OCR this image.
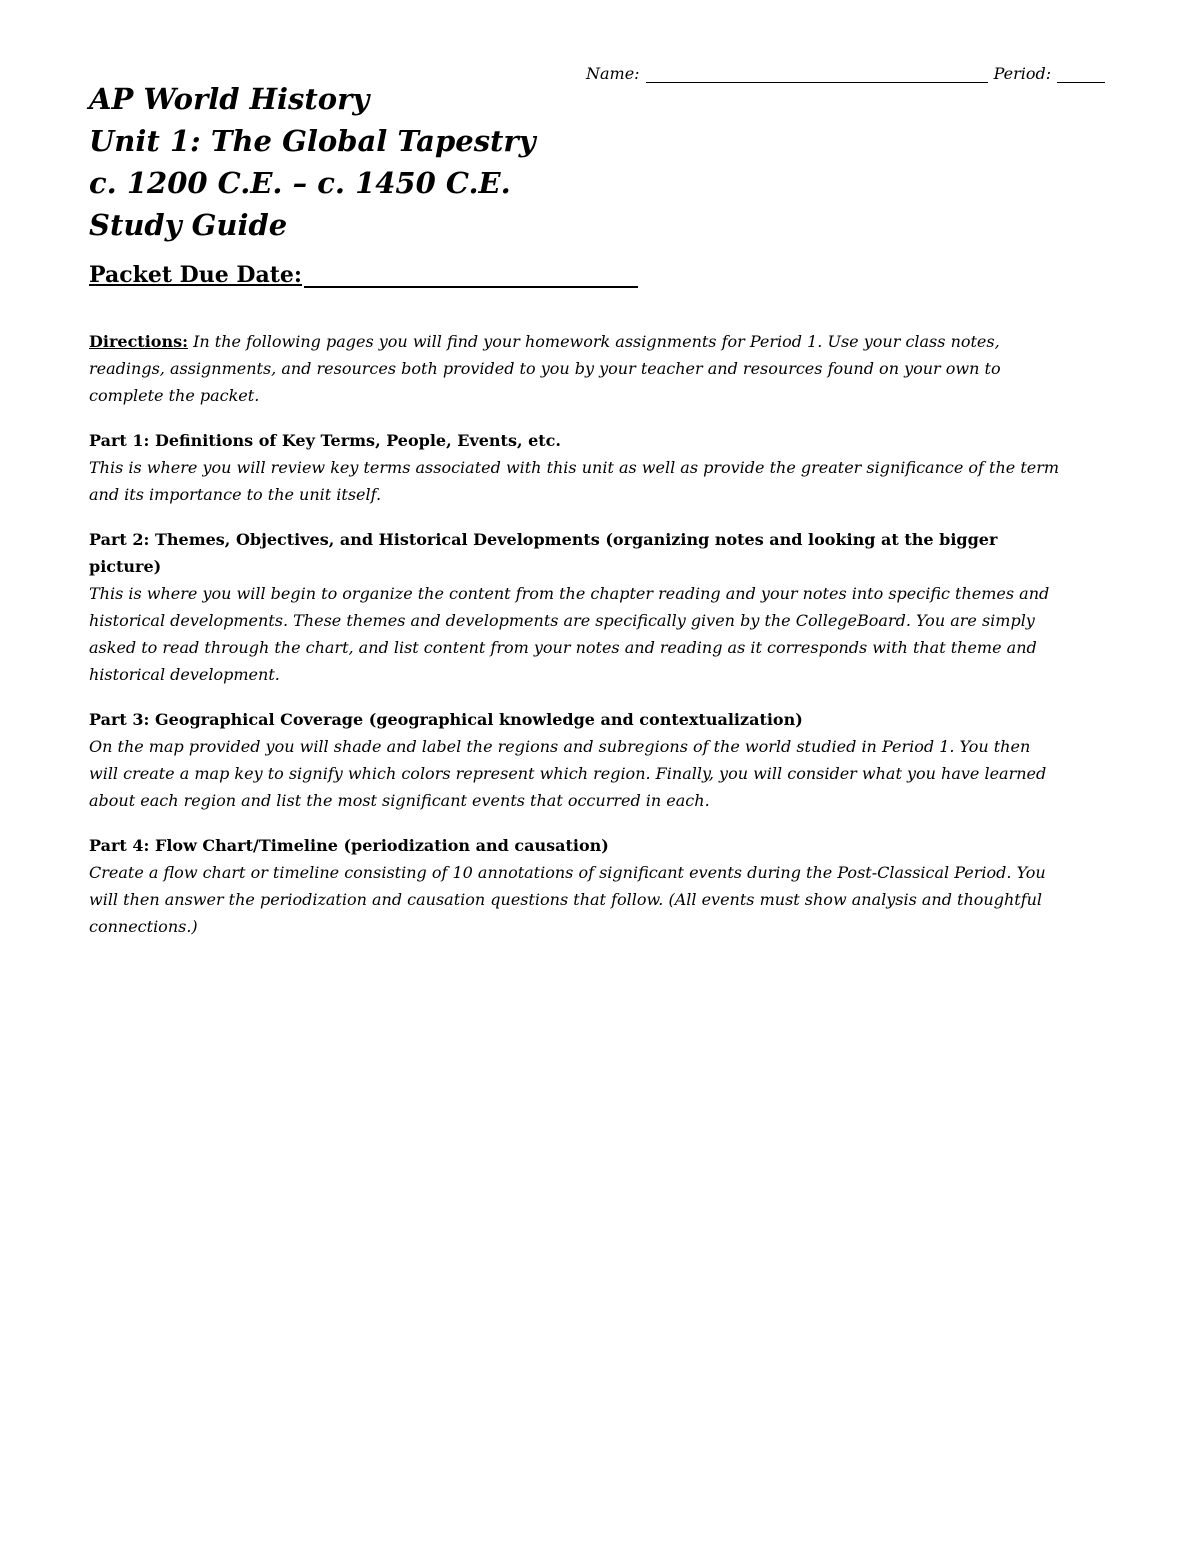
Name:	Period:

AP World History

Unit 1: The Global Tapestry

c. 1200 C.E. – c. 1450 C.E.

Study Guide

Packet Due Date:

Directions: In the following pages you will find your homework assignments for Period 1. Use your class notes, readings, assignments, and resources both provided to you by your teacher and resources found on your own to complete the packet.

Part 1: Definitions of Key Terms, People, Events, etc.

This is where you will review key terms associated with this unit as well as provide the greater significance of the term and its importance to the unit itself.

Part 2: Themes, Objectives, and Historical Developments (organizing notes and looking at the bigger picture)

This is where you will begin to organize the content from the chapter reading and your notes into specific themes and historical developments. These themes and developments are specifically given by the CollegeBoard. You are simply asked to read through the chart, and list content from your notes and reading as it corresponds with that theme and historical development.

Part 3: Geographical Coverage (geographical knowledge and contextualization)

On the map provided you will shade and label the regions and subregions of the world studied in Period 1. You then will create a map key to signify which colors represent which region. Finally, you will consider what you have learned about each region and list the most significant events that occurred in each.

Part 4: Flow Chart/Timeline (periodization and causation)

Create a flow chart or timeline consisting of 10 annotations of significant events during the Post-Classical Period. You will then answer the periodization and causation questions that follow. (All events must show analysis and thoughtful connections.)
